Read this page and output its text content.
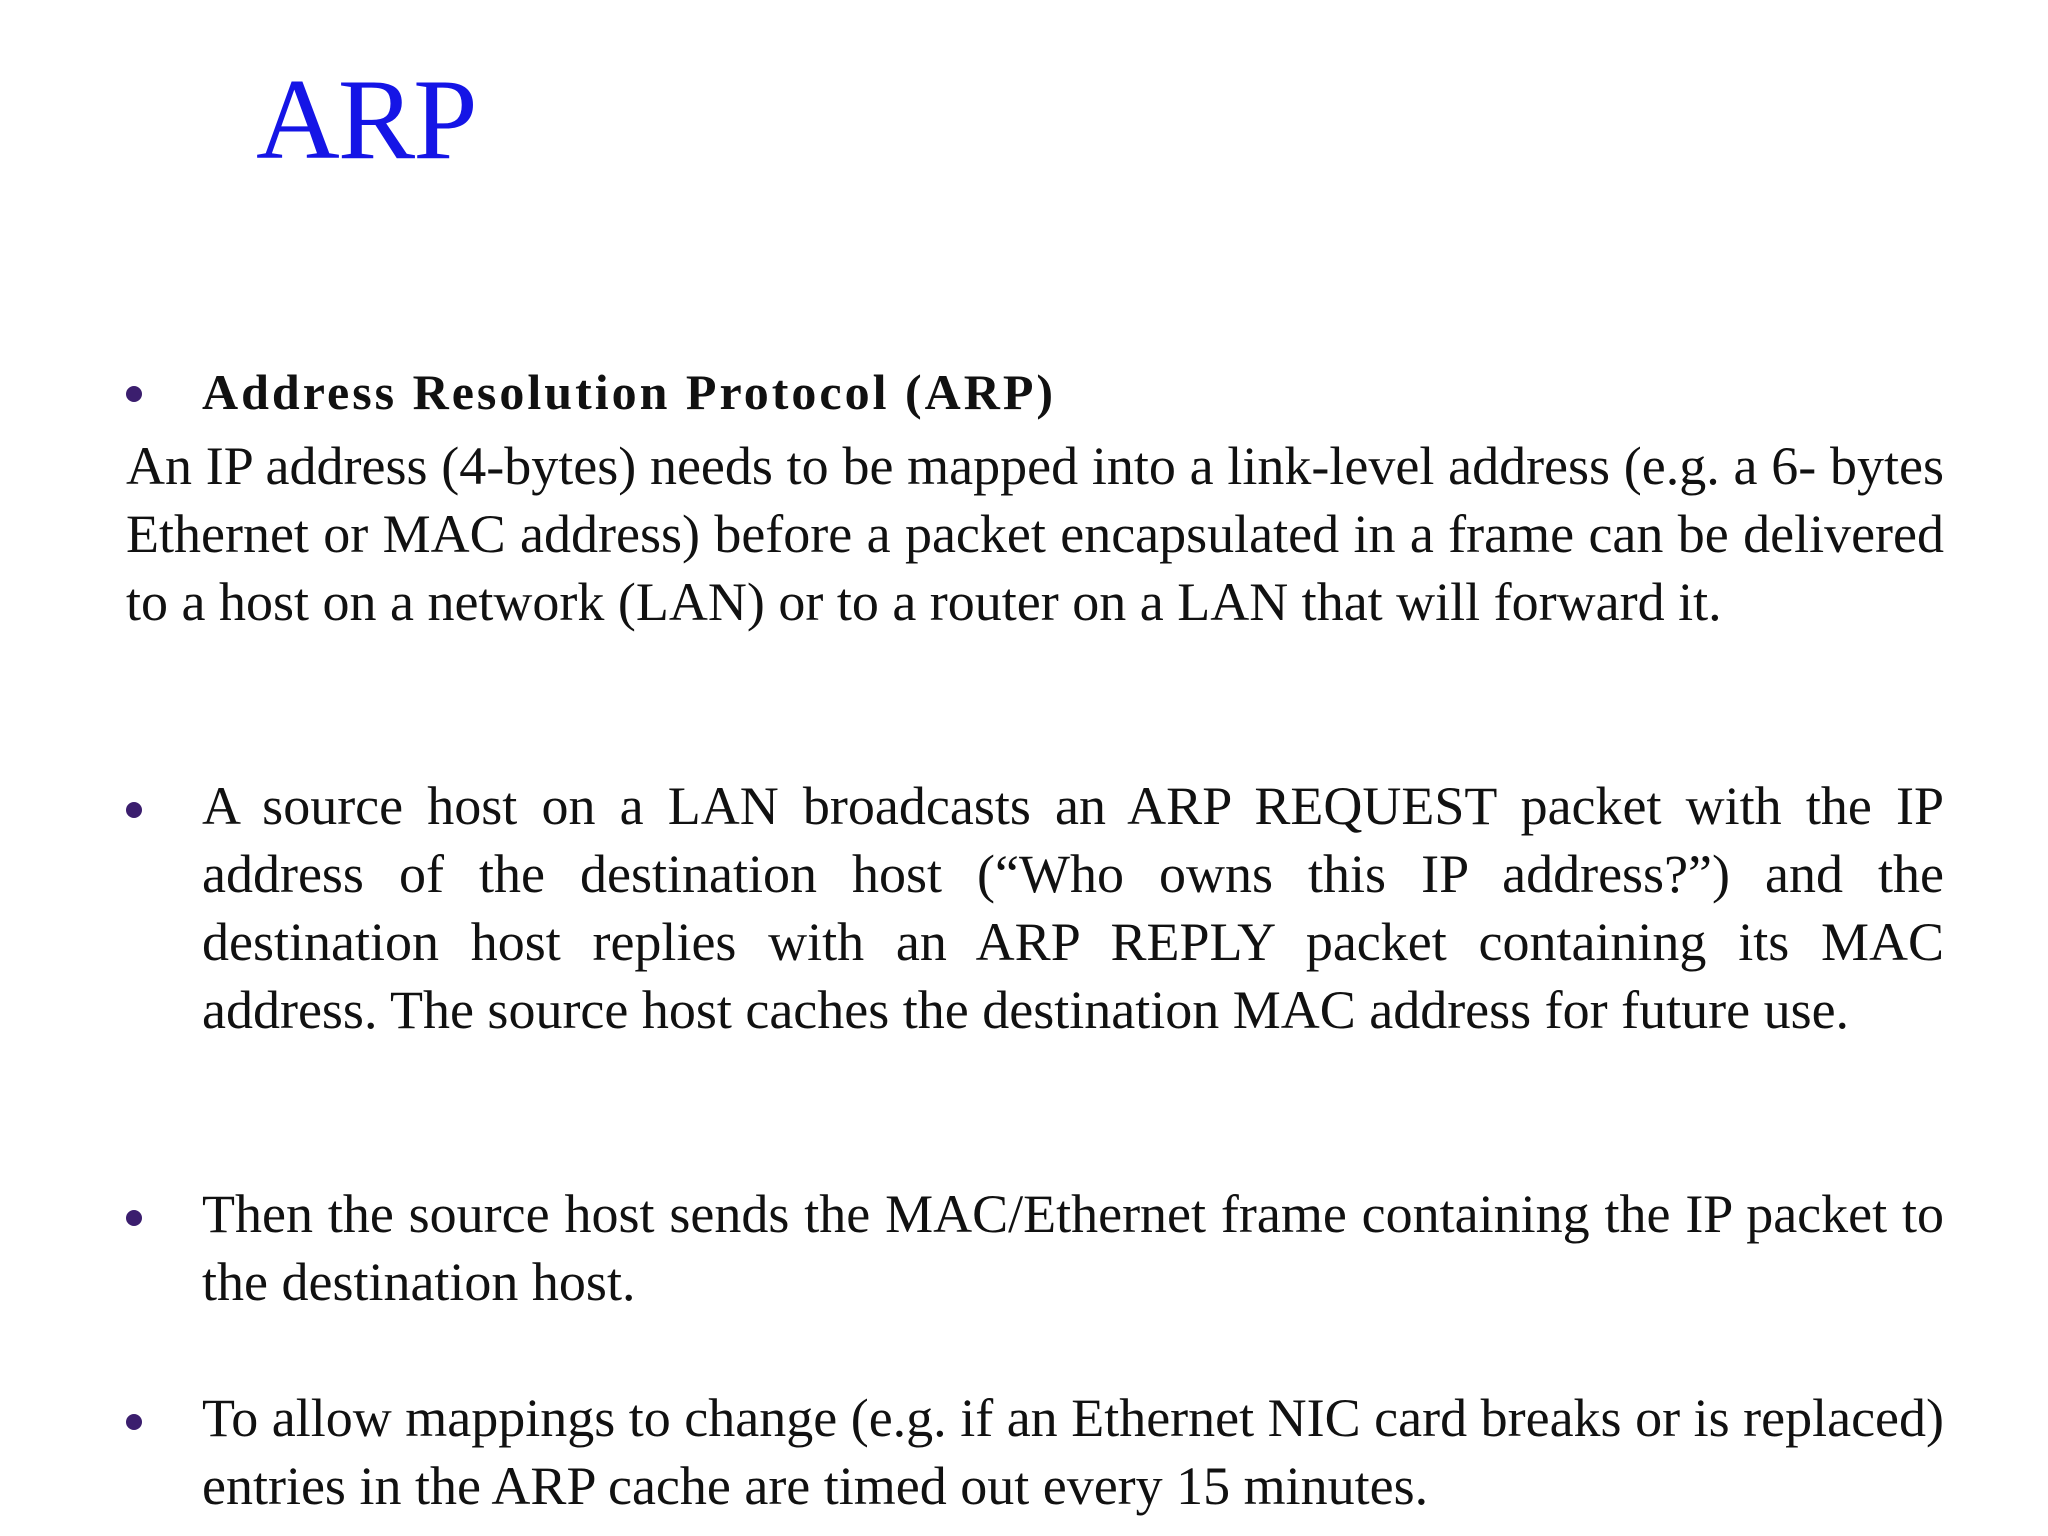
ARP
Address Resolution Protocol (ARP)

An IP address (4-bytes) needs to be mapped into a link-level address (e.g. a 6- bytes Ethernet or MAC address) before a packet encapsulated in a frame can be delivered to a host on a network (LAN) or to a router on a LAN that will forward it.

A source host on a LAN broadcasts an ARP REQUEST packet with the IP address of the destination host (“Who owns this IP address?”) and the destination host replies with an ARP REPLY packet containing its MAC address. The source host caches the destination MAC address for future use.

Then the source host sends the MAC/Ethernet frame containing the IP packet to the destination host.

To allow mappings to change (e.g. if an Ethernet NIC card breaks or is replaced) entries in the ARP cache are timed out every 15 minutes.
